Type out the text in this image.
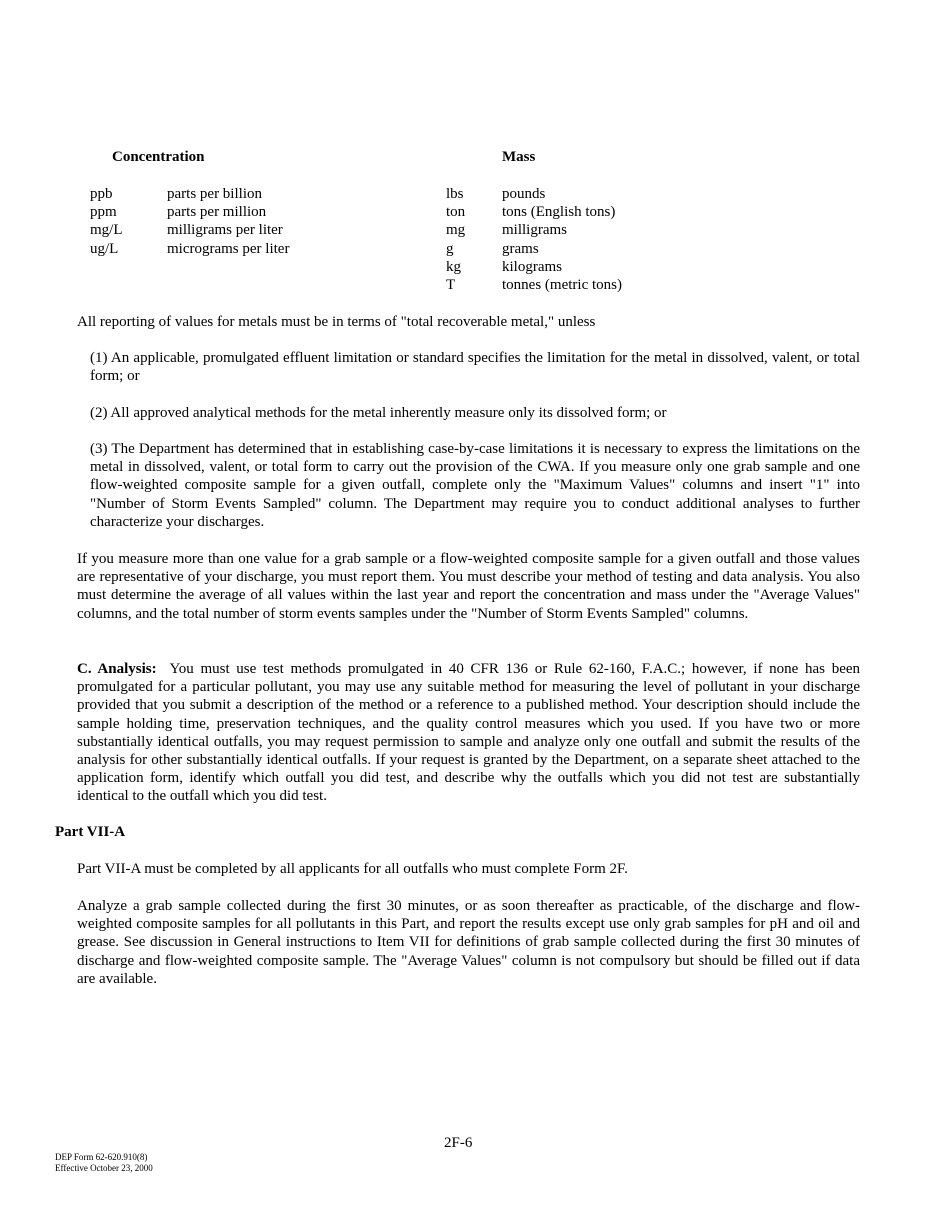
Concentration	Mass
ppb
ppm
mg/L
ug/L
parts per billion
parts per million
milligrams per liter
micrograms per liter
lbs
ton
mg
g
kg
T
pounds
tons (English tons)
milligrams
grams
kilograms
tonnes (metric tons)
All reporting of values for metals must be in terms of "total recoverable metal," unless
(1) An applicable, promulgated effluent limitation or standard specifies the limitation for the metal in dissolved, valent, or total form; or
(2) All approved analytical methods for the metal inherently measure only its dissolved form; or
(3) The Department has determined that in establishing case-by-case limitations it is necessary to express the limitations on the metal in dissolved, valent, or total form to carry out the provision of the CWA. If you measure only one grab sample and one flow-weighted composite sample for a given outfall, complete only the "Maximum Values" columns and insert "1" into "Number of Storm Events Sampled" column. The Department may require you to conduct additional analyses to further characterize your discharges.
If you measure more than one value for a grab sample or a flow-weighted composite sample for a given outfall and those values are representative of your discharge, you must report them. You must describe your method of testing and data analysis. You also must determine the average of all values within the last year and report the concentration and mass under the "Average Values" columns, and the total number of storm events samples under the "Number of Storm Events Sampled" columns.
C. Analysis: You must use test methods promulgated in 40 CFR 136 or Rule 62-160, F.A.C.; however, if none has been promulgated for a particular pollutant, you may use any suitable method for measuring the level of pollutant in your discharge provided that you submit a description of the method or a reference to a published method. Your description should include the sample holding time, preservation techniques, and the quality control measures which you used. If you have two or more substantially identical outfalls, you may request permission to sample and analyze only one outfall and submit the results of the analysis for other substantially identical outfalls. If your request is granted by the Department, on a separate sheet attached to the application form, identify which outfall you did test, and describe why the outfalls which you did not test are substantially identical to the outfall which you did test.
Part VII-A
Part VII-A must be completed by all applicants for all outfalls who must complete Form 2F.
Analyze a grab sample collected during the first 30 minutes, or as soon thereafter as practicable, of the discharge and flow-weighted composite samples for all pollutants in this Part, and report the results except use only grab samples for pH and oil and grease. See discussion in General instructions to Item VII for definitions of grab sample collected during the first 30 minutes of discharge and flow-weighted composite sample. The "Average Values" column is not compulsory but should be filled out if data are available.
2F-6
DEP Form 62-620.910(8)
Effective October 23, 2000
